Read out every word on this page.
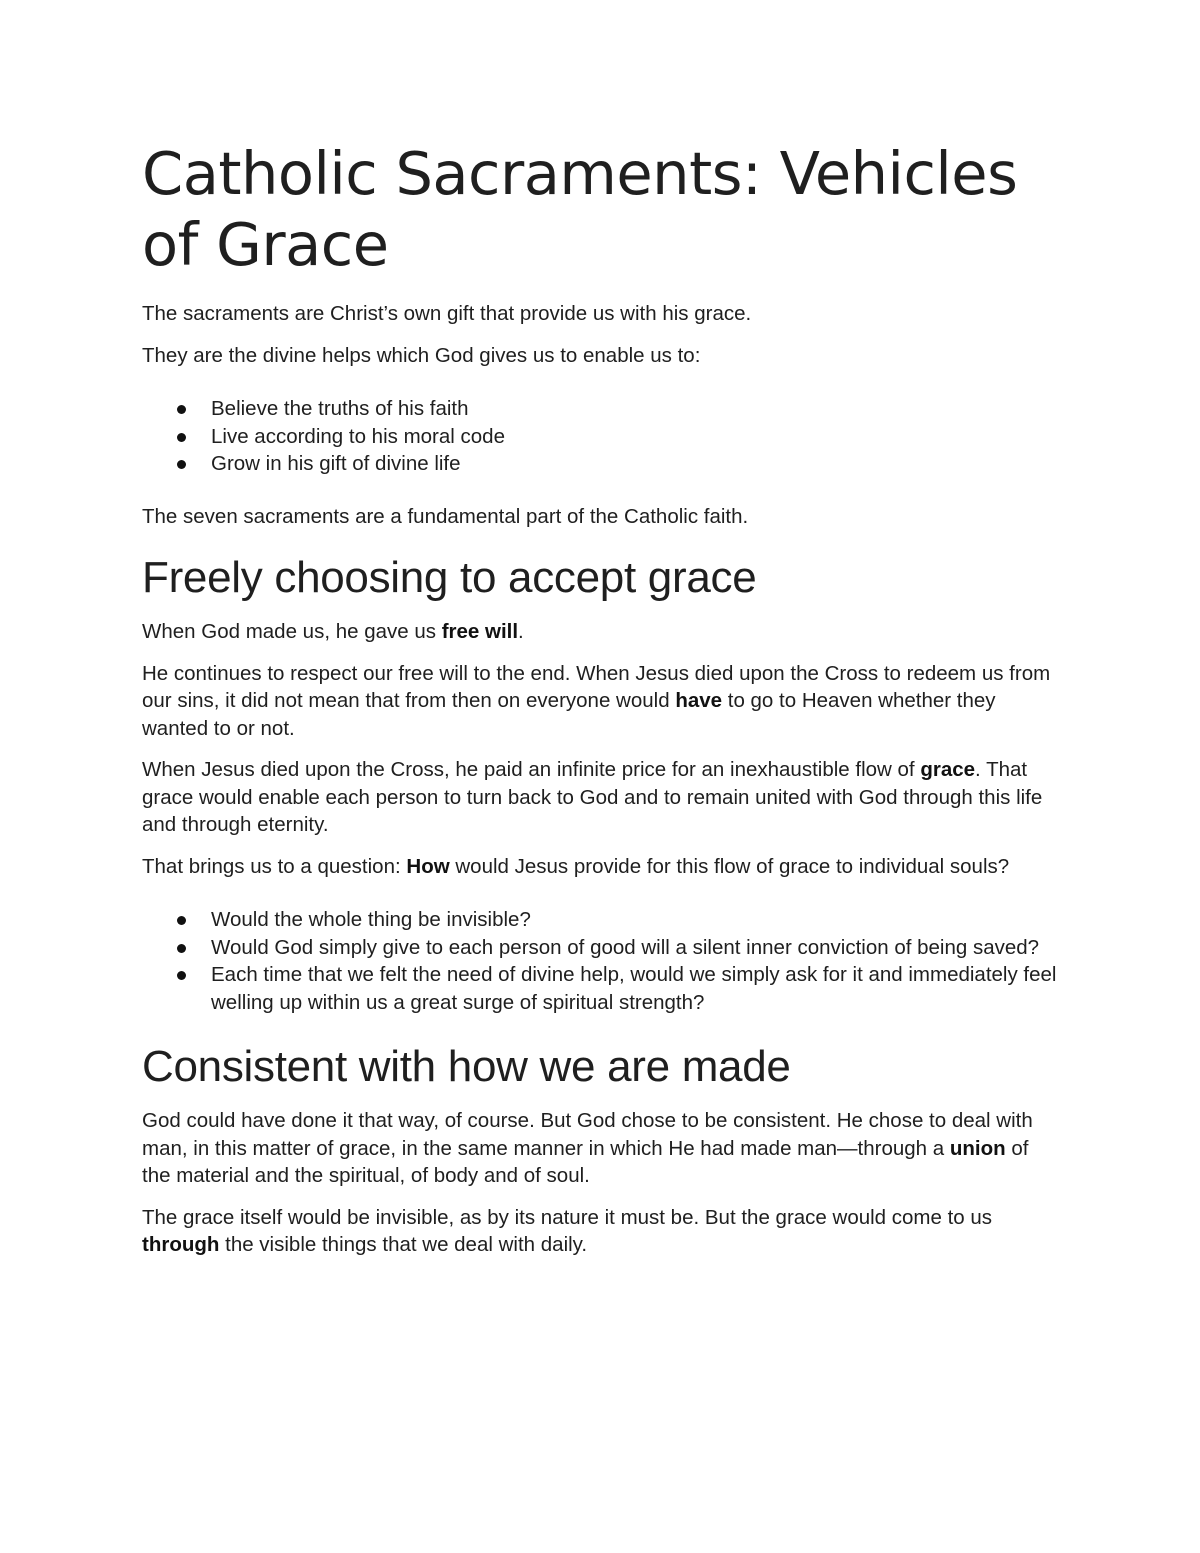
Catholic Sacraments: Vehicles of Grace

The sacraments are Christ’s own gift that provide us with his grace.

They are the divine helps which God gives us to enable us to:

Believe the truths of his faith
Live according to his moral code
Grow in his gift of divine life

The seven sacraments are a fundamental part of the Catholic faith.

Freely choosing to accept grace

When God made us, he gave us free will.

He continues to respect our free will to the end. When Jesus died upon the Cross to redeem us from our sins, it did not mean that from then on everyone would have to go to Heaven whether they wanted to or not.

When Jesus died upon the Cross, he paid an infinite price for an inexhaustible flow of grace. That grace would enable each person to turn back to God and to remain united with God through this life and through eternity.

That brings us to a question: How would Jesus provide for this flow of grace to individual souls?

Would the whole thing be invisible?
Would God simply give to each person of good will a silent inner conviction of being saved?
Each time that we felt the need of divine help, would we simply ask for it and immediately feel welling up within us a great surge of spiritual strength?
Consistent with how we are made

God could have done it that way, of course. But God chose to be consistent. He chose to deal with man, in this matter of grace, in the same manner in which He had made man—through a union of the material and the spiritual, of body and of soul.

The grace itself would be invisible, as by its nature it must be. But the grace would come to us through the visible things that we deal with daily.
